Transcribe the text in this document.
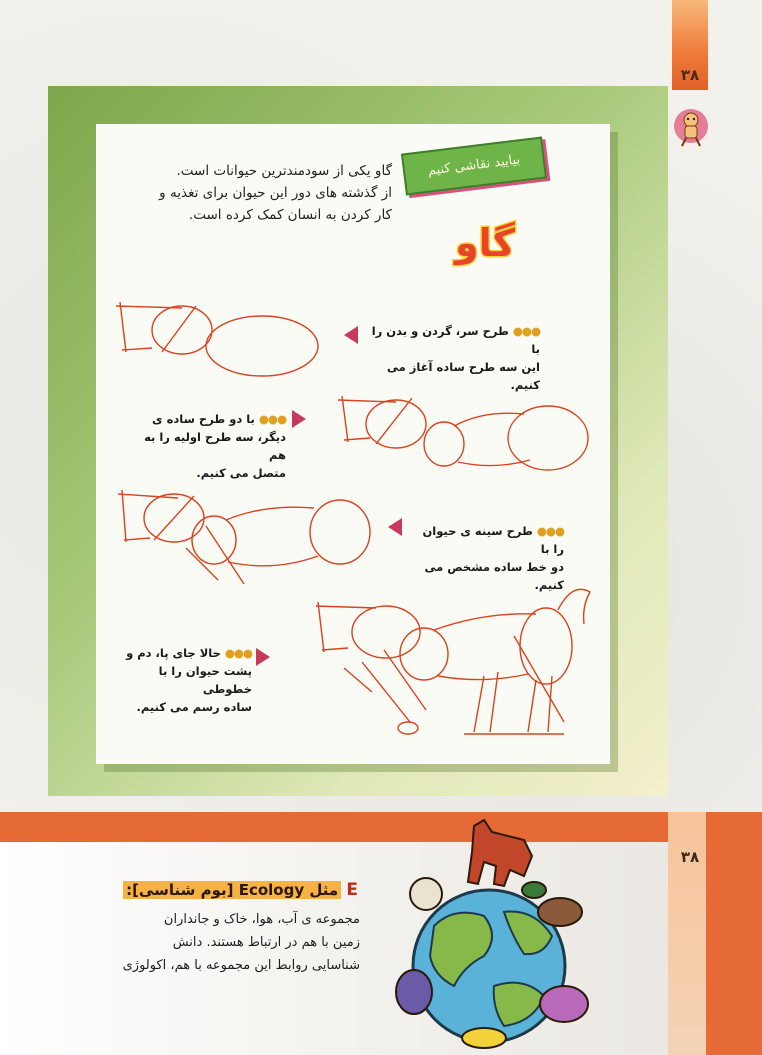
۳۸
بیایید نقاشی کنیم
گاو یکی از سودمندترین حیوانات است.
از گذشته های دور این حیوان برای تغذیه و
کار کردن به انسان کمک کرده است.
گاو
●●●طرح سر، گردن و بدن را با
این سه طرح ساده آغاز می کنیم.
●●●با دو طرح ساده ی
دیگر، سه طرح اولیه را به هم
متصل می کنیم.
●●●طرح سینه ی حیوان را با
دو خط ساده مشخص می کنیم.
●●●حالا جای پا، دم و
پشت حیوان را با خطوطی
ساده رسم می کنیم.
۳۸
E مثل Ecology [بوم شناسی]:
مجموعه ی آب، هوا، خاک و جانداران
زمین با هم در ارتباط هستند. دانش
شناسایی روابط این مجموعه با هم، اکولوژی
